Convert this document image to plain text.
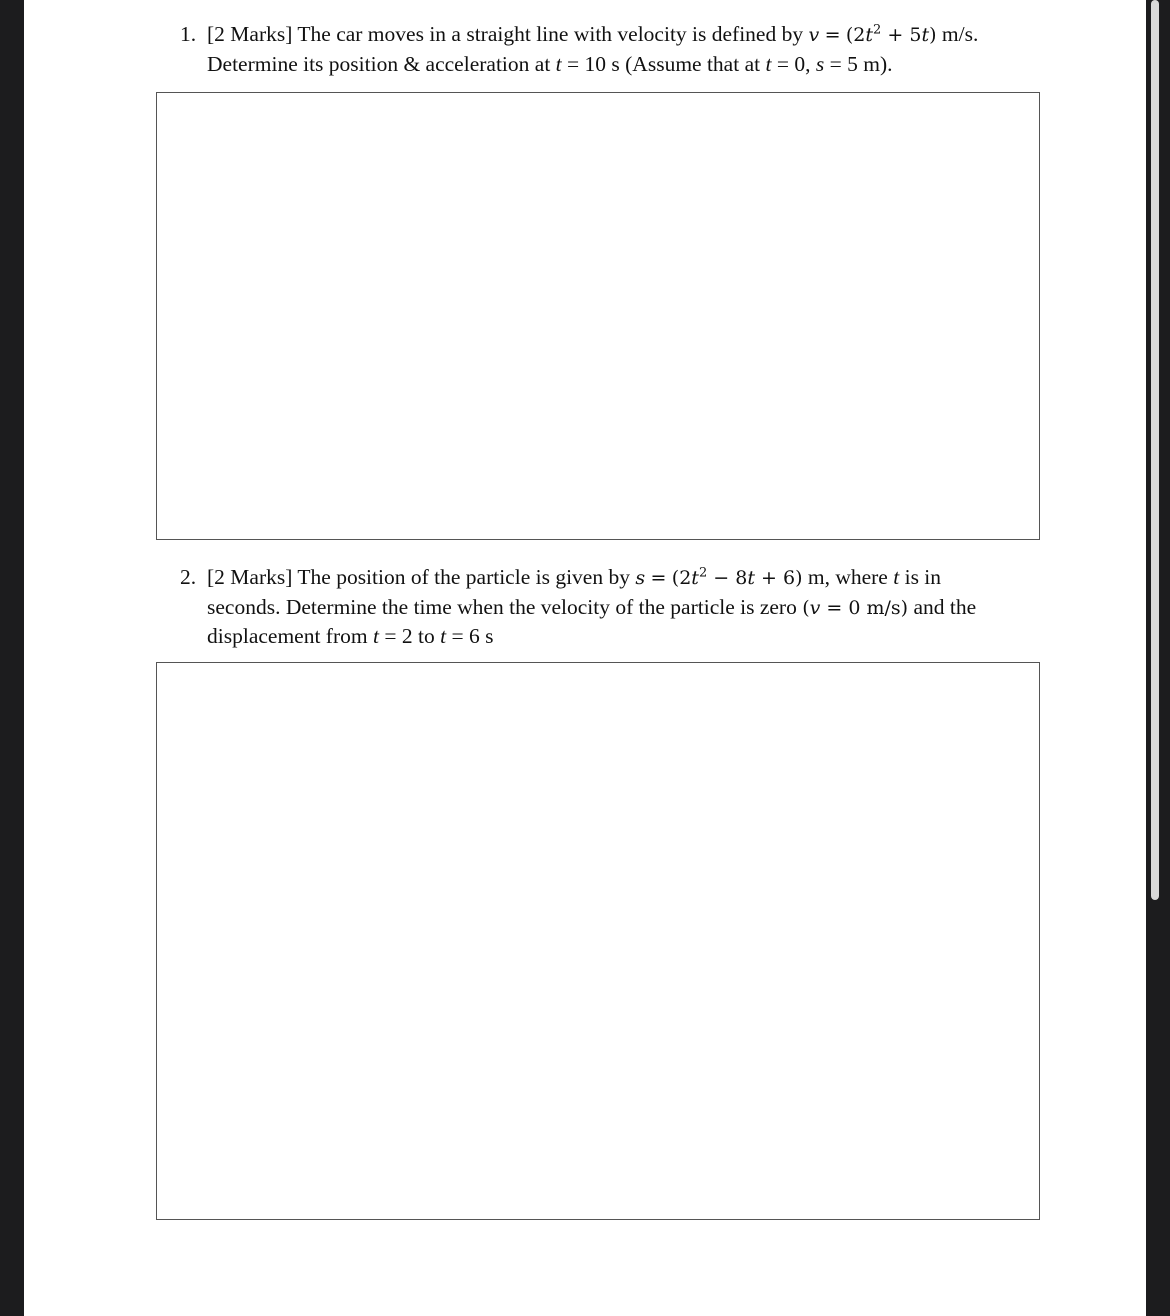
1. [2 Marks] The car moves in a straight line with velocity is defined by $v = (2t^2 + 5t)$ m/s.
Determine its position & acceleration at t = 10 s (Assume that at t = 0, s = 5 m).
2. [2 Marks] The position of the particle is given by $s = (2t^2 - 8t + 6)$ m, where t is in
seconds. Determine the time when the velocity of the particle is zero (v = 0 m/s) and the
displacement from t = 2 to t = 6 s
